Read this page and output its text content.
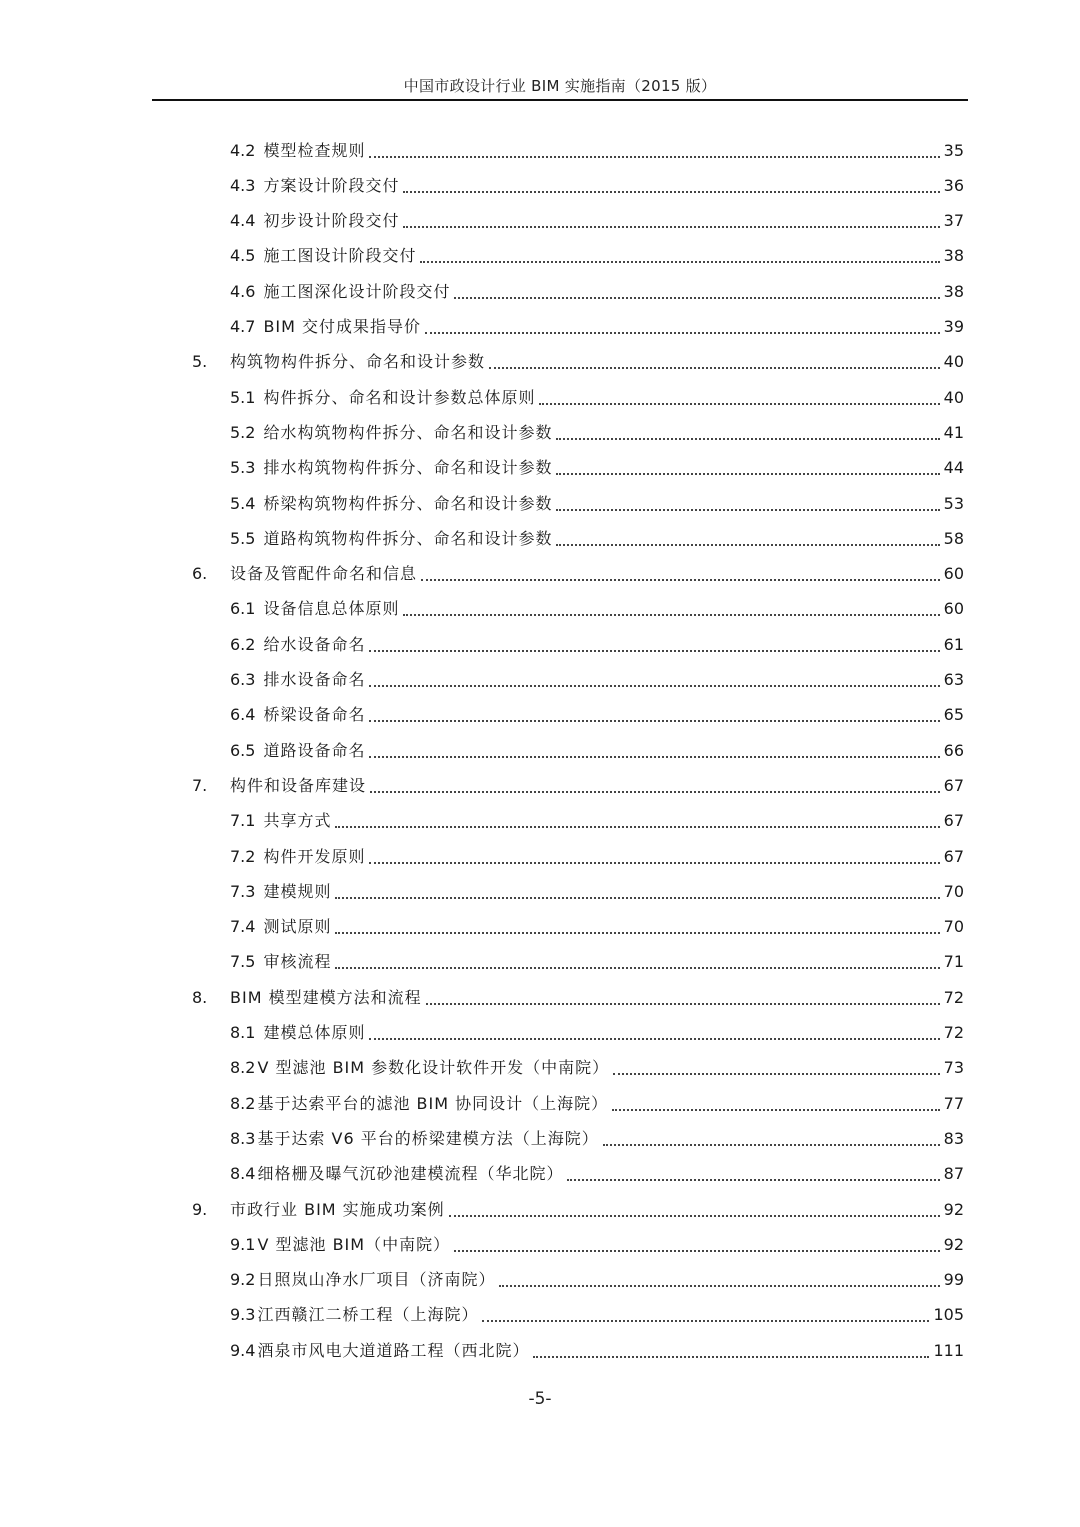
中国市政设计行业 BIM 实施指南（2015 版）
4.2 模型检查规则	35
4.3 方案设计阶段交付	36
4.4 初步设计阶段交付	37
4.5 施工图设计阶段交付	38
4.6 施工图深化设计阶段交付	38
4.7 BIM 交付成果指导价	39
5.	构筑物构件拆分、命名和设计参数	40
5.1 构件拆分、命名和设计参数总体原则	40
5.2 给水构筑物构件拆分、命名和设计参数	41
5.3 排水构筑物构件拆分、命名和设计参数	44
5.4 桥梁构筑物构件拆分、命名和设计参数	53
5.5 道路构筑物构件拆分、命名和设计参数	58
6.	设备及管配件命名和信息	60
6.1 设备信息总体原则	60
6.2 给水设备命名	61
6.3 排水设备命名	63
6.4 桥梁设备命名	65
6.5 道路设备命名	66
7.	构件和设备库建设	67
7.1 共享方式	67
7.2 构件开发原则	67
7.3 建模规则	70
7.4 测试原则	70
7.5 审核流程	71
8.	BIM 模型建模方法和流程	72
8.1 建模总体原则	72
8.2 V 型滤池 BIM 参数化设计软件开发（中南院）	73
8.2 基于达索平台的滤池 BIM 协同设计（上海院）	77
8.3 基于达索 V6 平台的桥梁建模方法（上海院）	83
8.4 细格栅及曝气沉砂池建模流程（华北院）	87
9.	市政行业 BIM 实施成功案例	92
9.1 V 型滤池 BIM（中南院）	92
9.2 日照岚山净水厂项目（济南院）	99
9.3 江西赣江二桥工程（上海院）	105
9.4 酒泉市风电大道道路工程（西北院）	111
-5-
